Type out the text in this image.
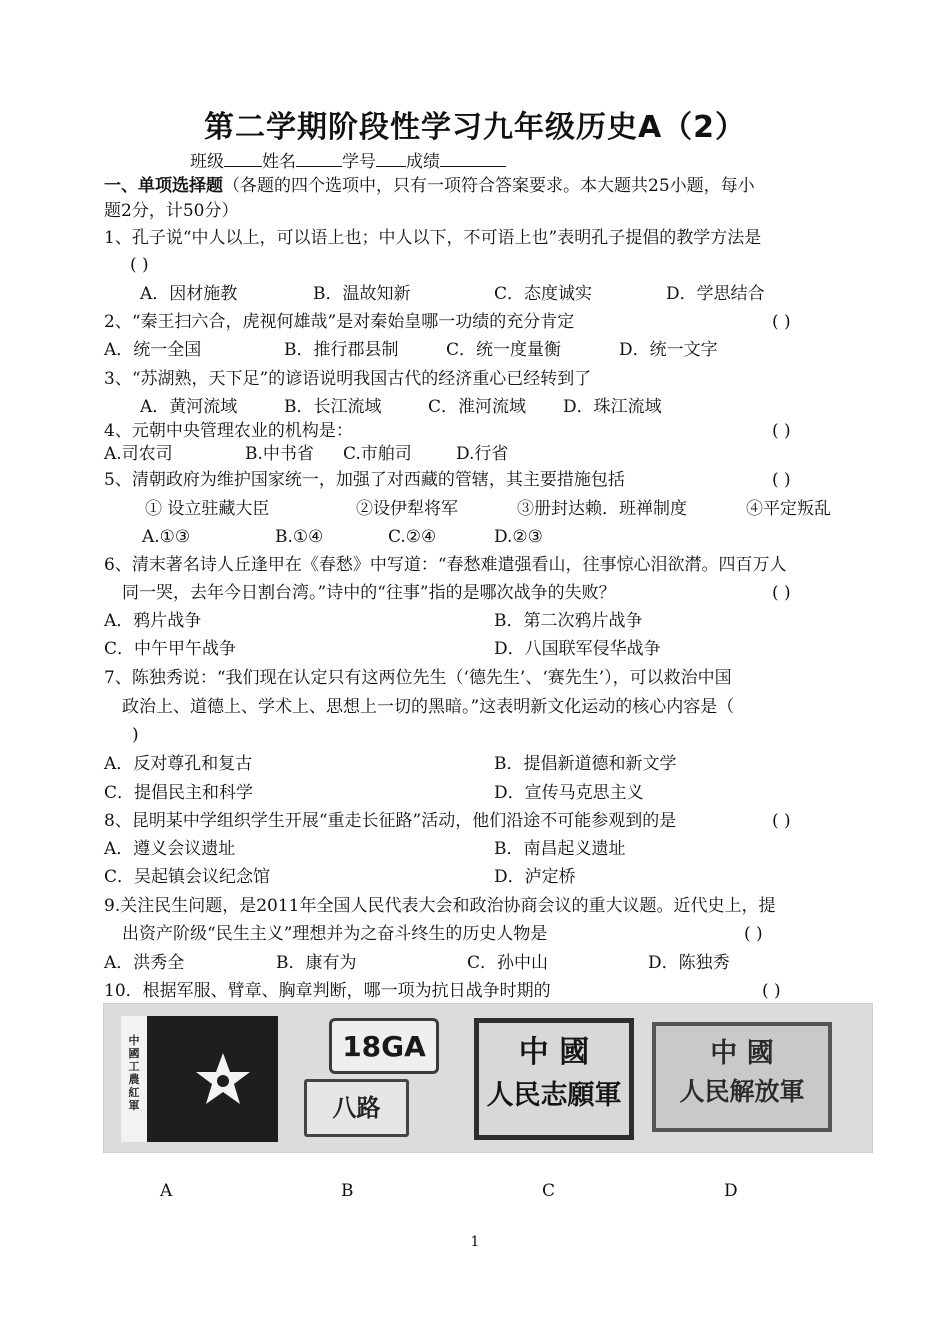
第二学期阶段性学习九年级历史A（2）
班级 姓名	学号 成绩
一、单项选择题（各题的四个选项中，只有一项符合答案要求。本大题共25小题，每小
题2分，计50分）
1、孔子说“中人以上，可以语上也；中人以下，不可语上也”表明孔子提倡的教学方法是
( )
A．因材施教	B．温故知新	C．态度诚实	D．学思结合
2、“秦王扫六合，虎视何雄哉”是对秦始皇哪一功绩的充分肯定	( )
A．统一全国	B．推行郡县制	C．统一度量衡	D．统一文字
3、“苏湖熟，天下足”的谚语说明我国古代的经济重心已经转到了
A．黄河流域	B．长江流域	C．淮河流域 D．珠江流域
4、元朝中央管理农业的机构是：	( )
A.司农司	B.中书省 C.市舶司	D.行省
5、清朝政府为维护国家统一，加强了对西藏的管辖，其主要措施包括	( )
① 设立驻藏大臣	②设伊犁将军	③册封达赖．班禅制度	④平定叛乱
A.①③	B.①④	C.②④	D.②③
6、清末著名诗人丘逢甲在《春愁》中写道：“春愁难遣强看山，往事惊心泪欲潸。四百万人
同一哭，去年今日割台湾。”诗中的“往事”指的是哪次战争的失败？	( )
A．鸦片战争	B．第二次鸦片战争
C．中午甲午战争	D．八国联军侵华战争
7、陈独秀说：“我们现在认定只有这两位先生（‘德先生’、‘赛先生’），可以救治中国
政治上、道德上、学术上、思想上一切的黑暗。”这表明新文化运动的核心内容是（
)
A．反对尊孔和复古	B．提倡新道德和新文学
C．提倡民主和科学	D．宣传马克思主义
8、昆明某中学组织学生开展“重走长征路”活动，他们沿途不可能参观到的是	( )
A．遵义会议遗址	B．南昌起义遗址
C．吴起镇会议纪念馆	D．泸定桥
9.关注民生问题，是2011年全国人民代表大会和政治协商会议的重大议题。近代史上，提
出资产阶级“民生主义”理想并为之奋斗终生的历史人物是	( )
A．洪秀全	B．康有为	C．孙中山	D．陈独秀
10．根据军服、臂章、胸章判断，哪一项为抗日战争时期的	( )
中國工農紅軍
18GA
八路
中 國
人民志願軍
中 國
人民解放軍
A	B	C	D
1
